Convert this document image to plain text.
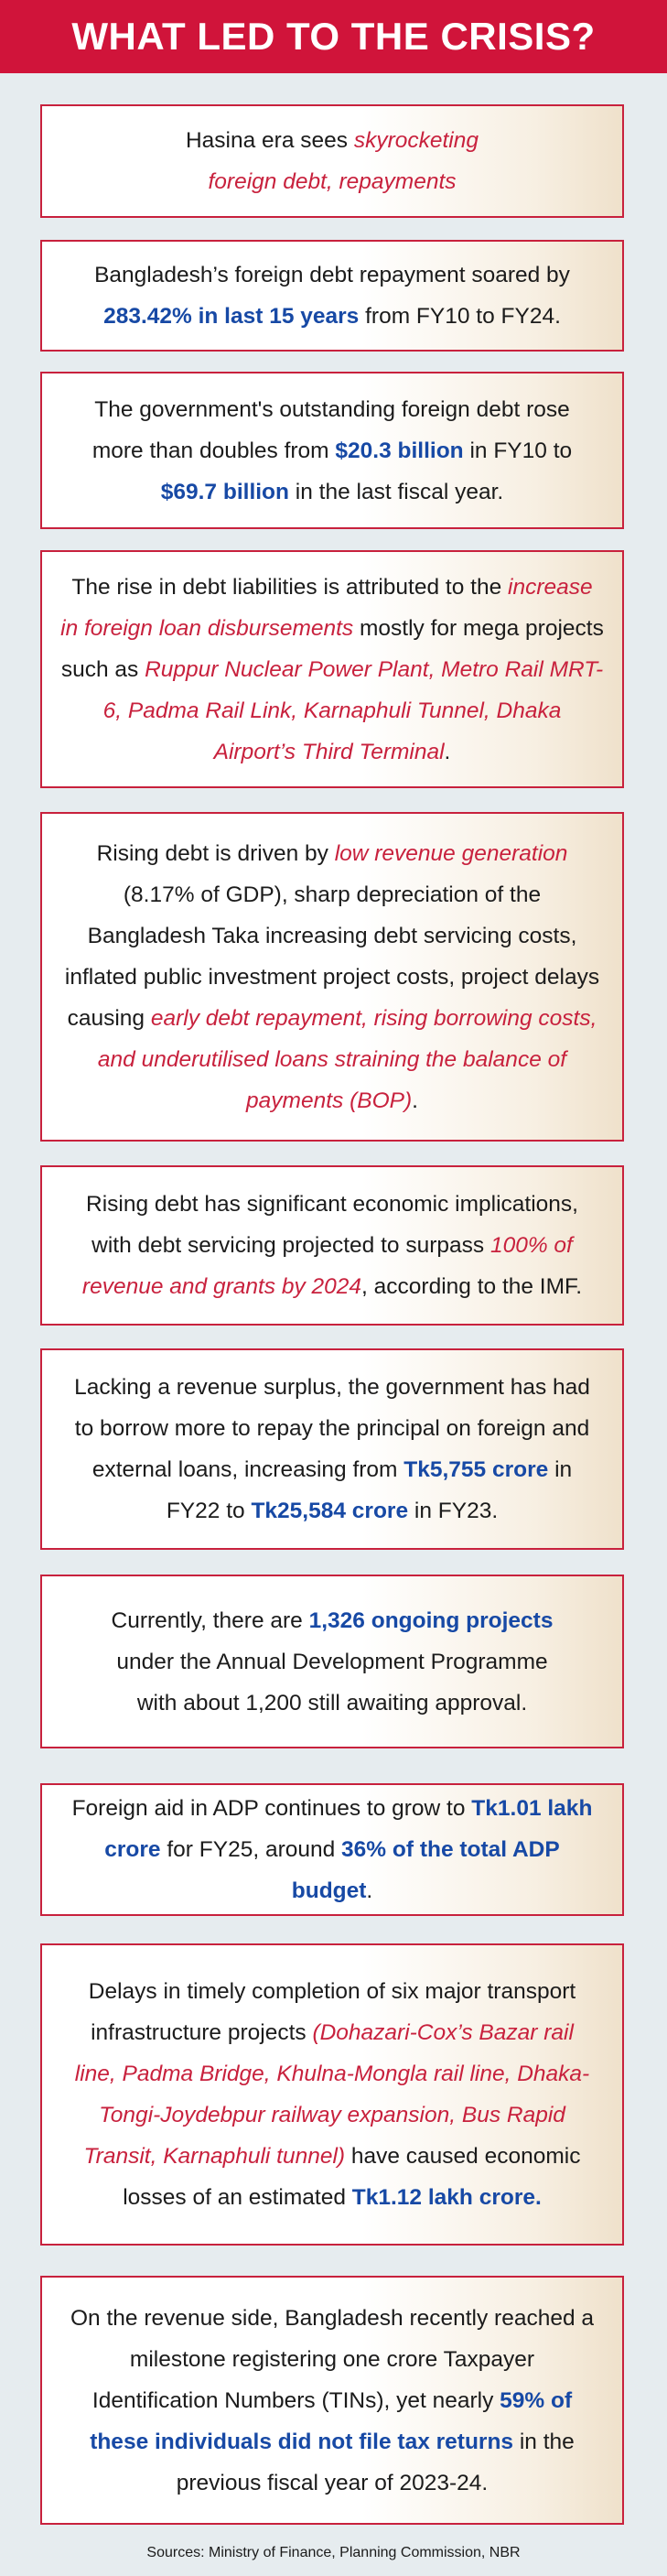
WHAT LED TO THE CRISIS?

Hasina era sees skyrocketing foreign debt, repayments

Bangladesh’s foreign debt repayment soared by 283.42% in last 15 years from FY10 to FY24.

The government's outstanding foreign debt rose more than doubles from $20.3 billion in FY10 to $69.7 billion in the last fiscal year.

The rise in debt liabilities is attributed to the increase in foreign loan disbursements mostly for mega projects such as Ruppur Nuclear Power Plant, Metro Rail MRT-6, Padma Rail Link, Karnaphuli Tunnel, Dhaka Airport’s Third Terminal.

Rising debt is driven by low revenue generation (8.17% of GDP), sharp depreciation of the Bangladesh Taka increasing debt servicing costs, inflated public investment project costs, project delays causing early debt repayment, rising borrowing costs, and underutilised loans straining the balance of payments (BOP).

Rising debt has significant economic implications, with debt servicing projected to surpass 100% of revenue and grants by 2024, according to the IMF.

Lacking a revenue surplus, the government has had to borrow more to repay the principal on foreign and external loans, increasing from Tk5,755 crore in FY22 to Tk25,584 crore in FY23.

Currently, there are 1,326 ongoing projects under the Annual Development Programme with about 1,200 still awaiting approval.

Foreign aid in ADP continues to grow to Tk1.01 lakh crore for FY25, around 36% of the total ADP budget.

Delays in timely completion of six major transport infrastructure projects (Dohazari-Cox’s Bazar rail line, Padma Bridge, Khulna-Mongla rail line, Dhaka-Tongi-Joydebpur railway expansion, Bus Rapid Transit, Karnaphuli tunnel) have caused economic losses of an estimated Tk1.12 lakh crore.

On the revenue side, Bangladesh recently reached a milestone registering one crore Taxpayer Identification Numbers (TINs), yet nearly 59% of these individuals did not file tax returns in the previous fiscal year of 2023-24.

Sources: Ministry of Finance, Planning Commission, NBR
